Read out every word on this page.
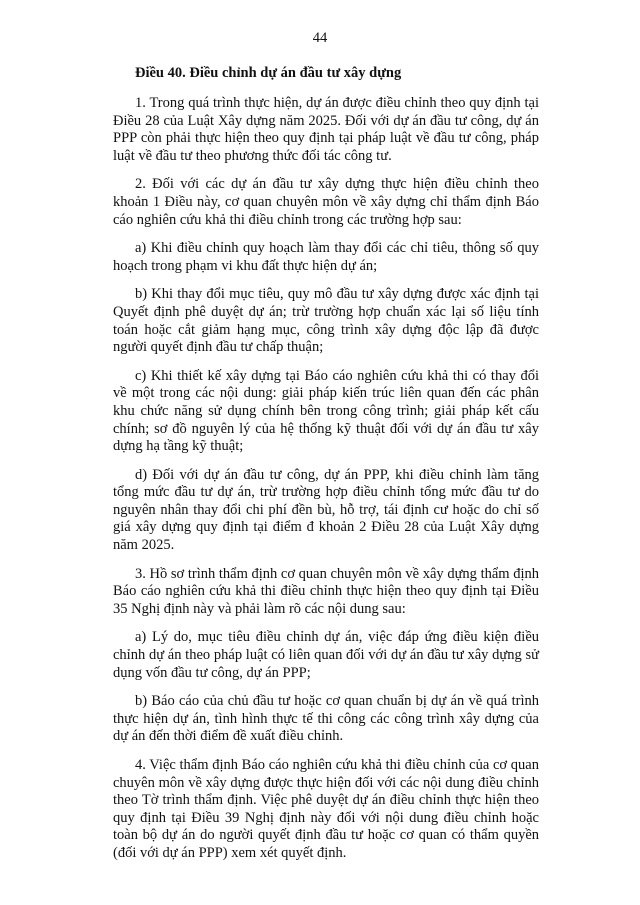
44
Điều 40. Điều chỉnh dự án đầu tư xây dựng

1. Trong quá trình thực hiện, dự án được điều chỉnh theo quy định tại Điều 28 của Luật Xây dựng năm 2025. Đối với dự án đầu tư công, dự án PPP còn phải thực hiện theo quy định tại pháp luật về đầu tư công, pháp luật về đầu tư theo phương thức đối tác công tư.

2. Đối với các dự án đầu tư xây dựng thực hiện điều chỉnh theo khoản 1 Điều này, cơ quan chuyên môn về xây dựng chỉ thẩm định Báo cáo nghiên cứu khả thi điều chỉnh trong các trường hợp sau:

a) Khi điều chỉnh quy hoạch làm thay đổi các chỉ tiêu, thông số quy hoạch trong phạm vi khu đất thực hiện dự án;

b) Khi thay đổi mục tiêu, quy mô đầu tư xây dựng được xác định tại Quyết định phê duyệt dự án; trừ trường hợp chuẩn xác lại số liệu tính toán hoặc cắt giảm hạng mục, công trình xây dựng độc lập đã được người quyết định đầu tư chấp thuận;

c) Khi thiết kế xây dựng tại Báo cáo nghiên cứu khả thi có thay đổi về một trong các nội dung: giải pháp kiến trúc liên quan đến các phân khu chức năng sử dụng chính bên trong công trình; giải pháp kết cấu chính; sơ đồ nguyên lý của hệ thống kỹ thuật đối với dự án đầu tư xây dựng hạ tầng kỹ thuật;

d) Đối với dự án đầu tư công, dự án PPP, khi điều chỉnh làm tăng tổng mức đầu tư dự án, trừ trường hợp điều chỉnh tổng mức đầu tư do nguyên nhân thay đổi chi phí đền bù, hỗ trợ, tái định cư hoặc do chỉ số giá xây dựng quy định tại điểm đ khoản 2 Điều 28 của Luật Xây dựng năm 2025.

3. Hồ sơ trình thẩm định cơ quan chuyên môn về xây dựng thẩm định Báo cáo nghiên cứu khả thi điều chỉnh thực hiện theo quy định tại Điều 35 Nghị định này và phải làm rõ các nội dung sau:

a) Lý do, mục tiêu điều chỉnh dự án, việc đáp ứng điều kiện điều chỉnh dự án theo pháp luật có liên quan đối với dự án đầu tư xây dựng sử dụng vốn đầu tư công, dự án PPP;

b) Báo cáo của chủ đầu tư hoặc cơ quan chuẩn bị dự án về quá trình thực hiện dự án, tình hình thực tế thi công các công trình xây dựng của dự án đến thời điểm đề xuất điều chỉnh.

4. Việc thẩm định Báo cáo nghiên cứu khả thi điều chỉnh của cơ quan chuyên môn về xây dựng được thực hiện đối với các nội dung điều chỉnh theo Tờ trình thẩm định. Việc phê duyệt dự án điều chỉnh thực hiện theo quy định tại Điều 39 Nghị định này đối với nội dung điều chỉnh hoặc toàn bộ dự án do người quyết định đầu tư hoặc cơ quan có thẩm quyền (đối với dự án PPP) xem xét quyết định.
